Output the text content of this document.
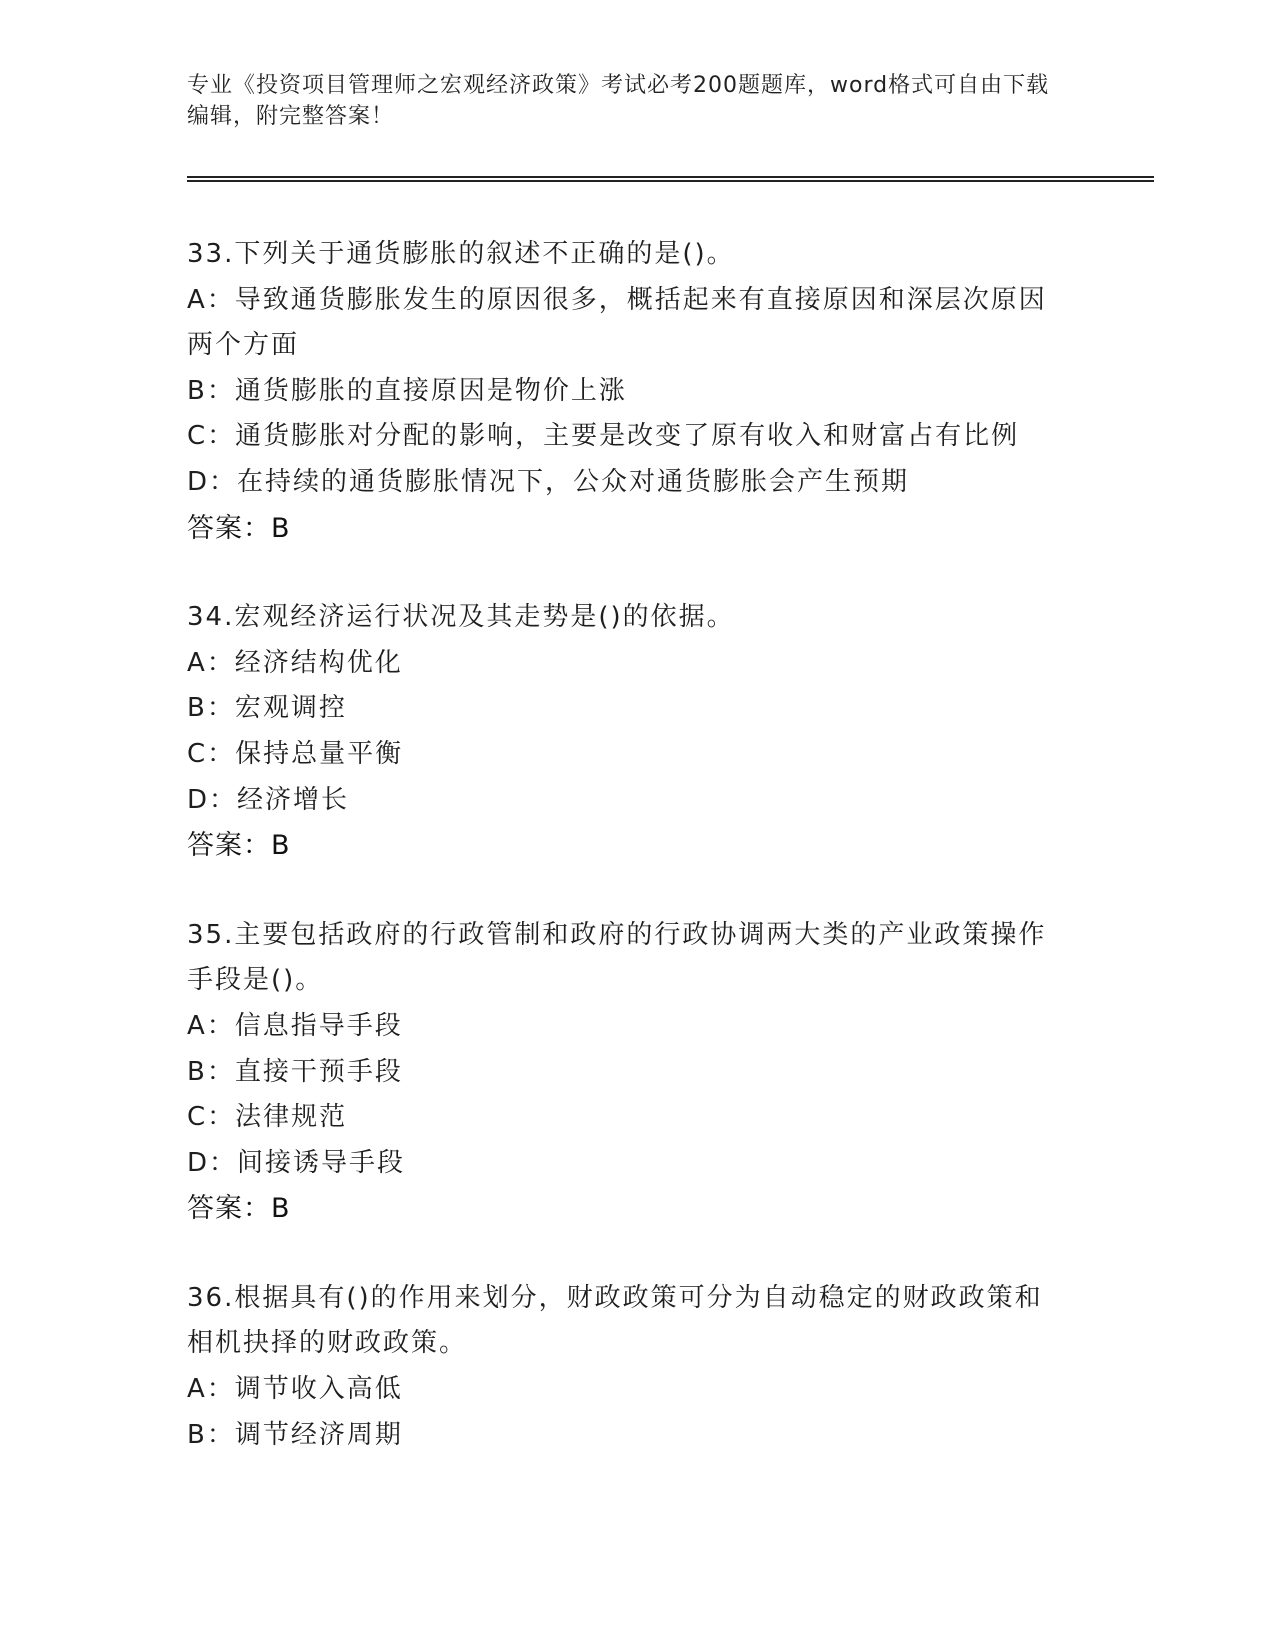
专业《投资项目管理师之宏观经济政策》考试必考200题题库，word格式可自由下载编辑，附完整答案！
33.下列关于通货膨胀的叙述不正确的是()。
A：导致通货膨胀发生的原因很多，概括起来有直接原因和深层次原因
两个方面
B：通货膨胀的直接原因是物价上涨
C：通货膨胀对分配的影响，主要是改变了原有收入和财富占有比例
D：在持续的通货膨胀情况下，公众对通货膨胀会产生预期
答案：B
34.宏观经济运行状况及其走势是()的依据。
A：经济结构优化
B：宏观调控
C：保持总量平衡
D：经济增长
答案：B
35.主要包括政府的行政管制和政府的行政协调两大类的产业政策操作
手段是()。
A：信息指导手段
B：直接干预手段
C：法律规范
D：间接诱导手段
答案：B
36.根据具有()的作用来划分，财政政策可分为自动稳定的财政政策和
相机抉择的财政政策。
A：调节收入高低
B：调节经济周期
